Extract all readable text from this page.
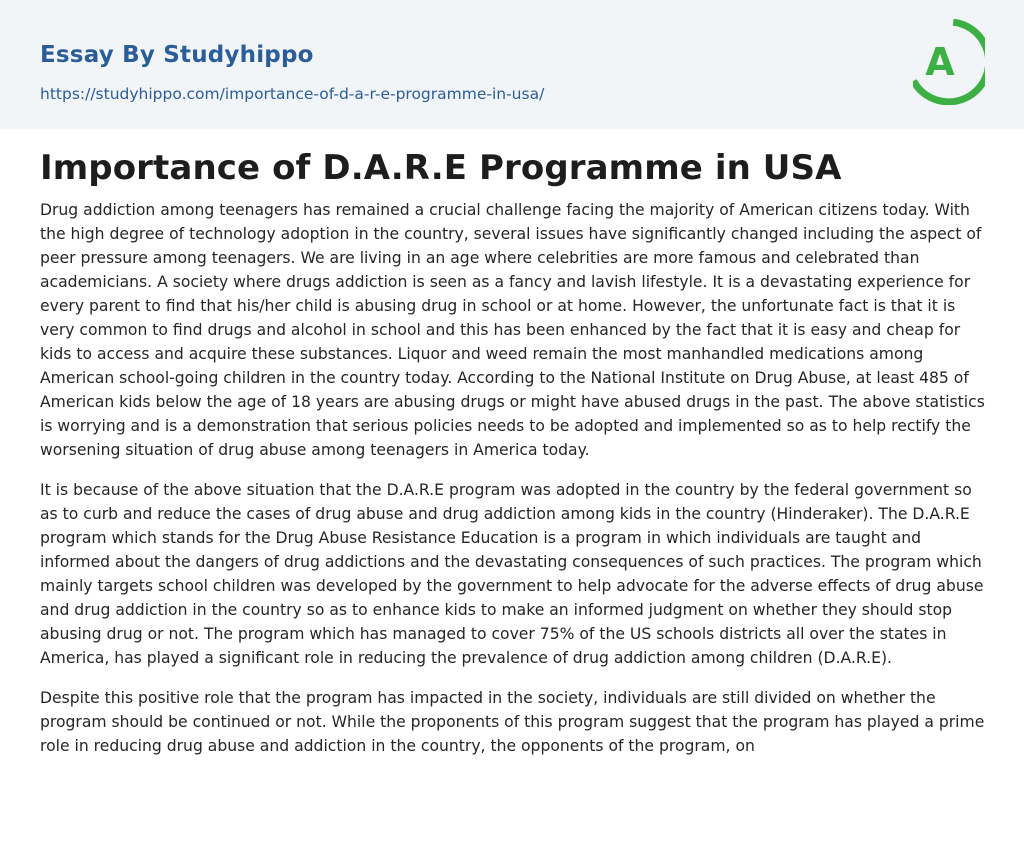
Essay By Studyhippo
https://studyhippo.com/importance-of-d-a-r-e-programme-in-usa/
A
Importance of D.A.R.E Programme in USA

Drug addiction among teenagers has remained a crucial challenge facing the majority of American citizens today. With the high degree of technology adoption in the country, several issues have significantly changed including the aspect of peer pressure among teenagers. We are living in an age where celebrities are more famous and celebrated than academicians. A society where drugs addiction is seen as a fancy and lavish lifestyle. It is a devastating experience for every parent to find that his/her child is abusing drug in school or at home. However, the unfortunate fact is that it is very common to find drugs and alcohol in school and this has been enhanced by the fact that it is easy and cheap for kids to access and acquire these substances. Liquor and weed remain the most manhandled medications among American school-going children in the country today. According to the National Institute on Drug Abuse, at least 485 of American kids below the age of 18 years are abusing drugs or might have abused drugs in the past. The above statistics is worrying and is a demonstration that serious policies needs to be adopted and implemented so as to help rectify the worsening situation of drug abuse among teenagers in America today.

It is because of the above situation that the D.A.R.E program was adopted in the country by the federal government so as to curb and reduce the cases of drug abuse and drug addiction among kids in the country (Hinderaker). The D.A.R.E program which stands for the Drug Abuse Resistance Education is a program in which individuals are taught and informed about the dangers of drug addictions and the devastating consequences of such practices. The program which mainly targets school children was developed by the government to help advocate for the adverse effects of drug abuse and drug addiction in the country so as to enhance kids to make an informed judgment on whether they should stop abusing drug or not. The program which has managed to cover 75% of the US schools districts all over the states in America, has played a significant role in reducing the prevalence of drug addiction among children (D.A.R.E).

Despite this positive role that the program has impacted in the society, individuals are still divided on whether the program should be continued or not. While the proponents of this program suggest that the program has played a prime role in reducing drug abuse and addiction in the country, the opponents of the program, on
